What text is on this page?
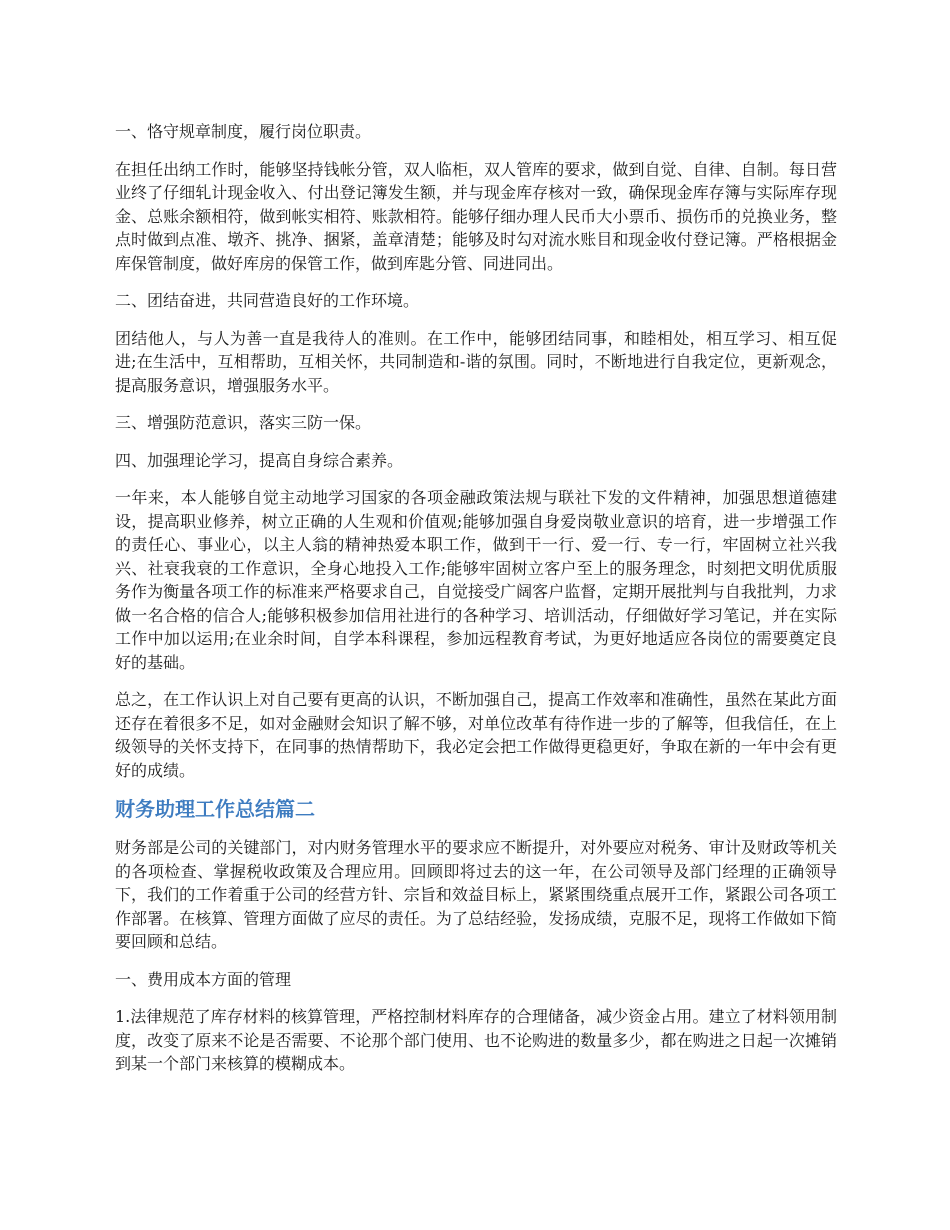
一、恪守规章制度，履行岗位职责。

在担任出纳工作时，能够坚持钱帐分管，双人临柜，双人管库的要求，做到自觉、自律、自制。每日营业终了仔细轧计现金收入、付出登记簿发生额，并与现金库存核对一致，确保现金库存簿与实际库存现金、总账余额相符，做到帐实相符、账款相符。能够仔细办理人民币大小票币、损伤币的兑换业务，整点时做到点准、墩齐、挑净、捆紧，盖章清楚；能够及时勾对流水账目和现金收付登记簿。严格根据金库保管制度，做好库房的保管工作，做到库匙分管、同进同出。

二、团结奋进，共同营造良好的工作环境。

团结他人，与人为善一直是我待人的准则。在工作中，能够团结同事，和睦相处，相互学习、相互促进;在生活中，互相帮助，互相关怀，共同制造和-谐的氛围。同时，不断地进行自我定位，更新观念，提高服务意识，增强服务水平。

三、增强防范意识，落实三防一保。

四、加强理论学习，提高自身综合素养。

一年来，本人能够自觉主动地学习国家的各项金融政策法规与联社下发的文件精神，加强思想道德建设，提高职业修养，树立正确的人生观和价值观;能够加强自身爱岗敬业意识的培育，进一步增强工作的责任心、事业心，以主人翁的精神热爱本职工作，做到干一行、爱一行、专一行，牢固树立社兴我兴、社衰我衰的工作意识，全身心地投入工作;能够牢固树立客户至上的服务理念，时刻把文明优质服务作为衡量各项工作的标准来严格要求自己，自觉接受广阔客户监督，定期开展批判与自我批判，力求做一名合格的信合人;能够积极参加信用社进行的各种学习、培训活动，仔细做好学习笔记，并在实际工作中加以运用;在业余时间，自学本科课程，参加远程教育考试，为更好地适应各岗位的需要奠定良好的基础。

总之，在工作认识上对自己要有更高的认识，不断加强自己，提高工作效率和准确性，虽然在某此方面还存在着很多不足，如对金融财会知识了解不够，对单位改革有待作进一步的了解等，但我信任，在上级领导的关怀支持下，在同事的热情帮助下，我必定会把工作做得更稳更好，争取在新的一年中会有更好的成绩。

财务助理工作总结篇二

财务部是公司的关键部门，对内财务管理水平的要求应不断提升，对外要应对税务、审计及财政等机关的各项检查、掌握税收政策及合理应用。回顾即将过去的这一年，在公司领导及部门经理的正确领导下，我们的工作着重于公司的经营方针、宗旨和效益目标上，紧紧围绕重点展开工作，紧跟公司各项工作部署。在核算、管理方面做了应尽的责任。为了总结经验，发扬成绩，克服不足，现将工作做如下简要回顾和总结。

一、费用成本方面的管理

1.法律规范了库存材料的核算管理，严格控制材料库存的合理储备，减少资金占用。建立了材料领用制度，改变了原来不论是否需要、不论那个部门使用、也不论购进的数量多少，都在购进之日起一次摊销到某一个部门来核算的模糊成本。
